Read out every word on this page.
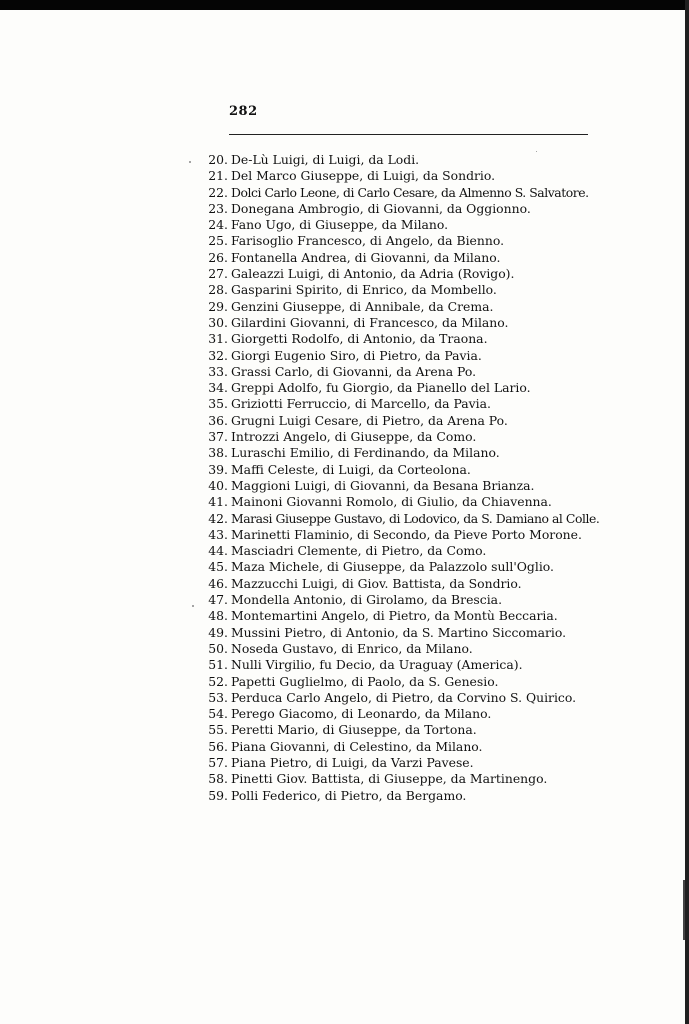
282
20. De-Lù Luigi, di Luigi, da Lodi.
21. Del Marco Giuseppe, di Luigi, da Sondrio.
22. Dolci Carlo Leone, di Carlo Cesare, da Almenno S. Salvatore.
23. Donegana Ambrogio, di Giovanni, da Oggionno.
24. Fano Ugo, di Giuseppe, da Milano.
25. Farisoglio Francesco, di Angelo, da Bienno.
26. Fontanella Andrea, di Giovanni, da Milano.
27. Galeazzi Luigi, di Antonio, da Adria (Rovigo).
28. Gasparini Spirito, di Enrico, da Mombello.
29. Genzini Giuseppe, di Annibale, da Crema.
30. Gilardini Giovanni, di Francesco, da Milano.
31. Giorgetti Rodolfo, di Antonio, da Traona.
32. Giorgi Eugenio Siro, di Pietro, da Pavia.
33. Grassi Carlo, di Giovanni, da Arena Po.
34. Greppi Adolfo, fu Giorgio, da Pianello del Lario.
35. Griziotti Ferruccio, di Marcello, da Pavia.
36. Grugni Luigi Cesare, di Pietro, da Arena Po.
37. Introzzi Angelo, di Giuseppe, da Como.
38. Luraschi Emilio, di Ferdinando, da Milano.
39. Maffi Celeste, di Luigi, da Corteolona.
40. Maggioni Luigi, di Giovanni, da Besana Brianza.
41. Mainoni Giovanni Romolo, di Giulio, da Chiavenna.
42. Marasi Giuseppe Gustavo, di Lodovico, da S. Damiano al Colle.
43. Marinetti Flaminio, di Secondo, da Pieve Porto Morone.
44. Masciadri Clemente, di Pietro, da Como.
45. Maza Michele, di Giuseppe, da Palazzolo sull'Oglio.
46. Mazzucchi Luigi, di Giov. Battista, da Sondrio.
47. Mondella Antonio, di Girolamo, da Brescia.
48. Montemartini Angelo, di Pietro, da Montù Beccaria.
49. Mussini Pietro, di Antonio, da S. Martino Siccomario.
50. Noseda Gustavo, di Enrico, da Milano.
51. Nulli Virgilio, fu Decio, da Uraguay (America).
52. Papetti Guglielmo, di Paolo, da S. Genesio.
53. Perduca Carlo Angelo, di Pietro, da Corvino S. Quirico.
54. Perego Giacomo, di Leonardo, da Milano.
55. Peretti Mario, di Giuseppe, da Tortona.
56. Piana Giovanni, di Celestino, da Milano.
57. Piana Pietro, di Luigi, da Varzi Pavese.
58. Pinetti Giov. Battista, di Giuseppe, da Martinengo.
59. Polli Federico, di Pietro, da Bergamo.
